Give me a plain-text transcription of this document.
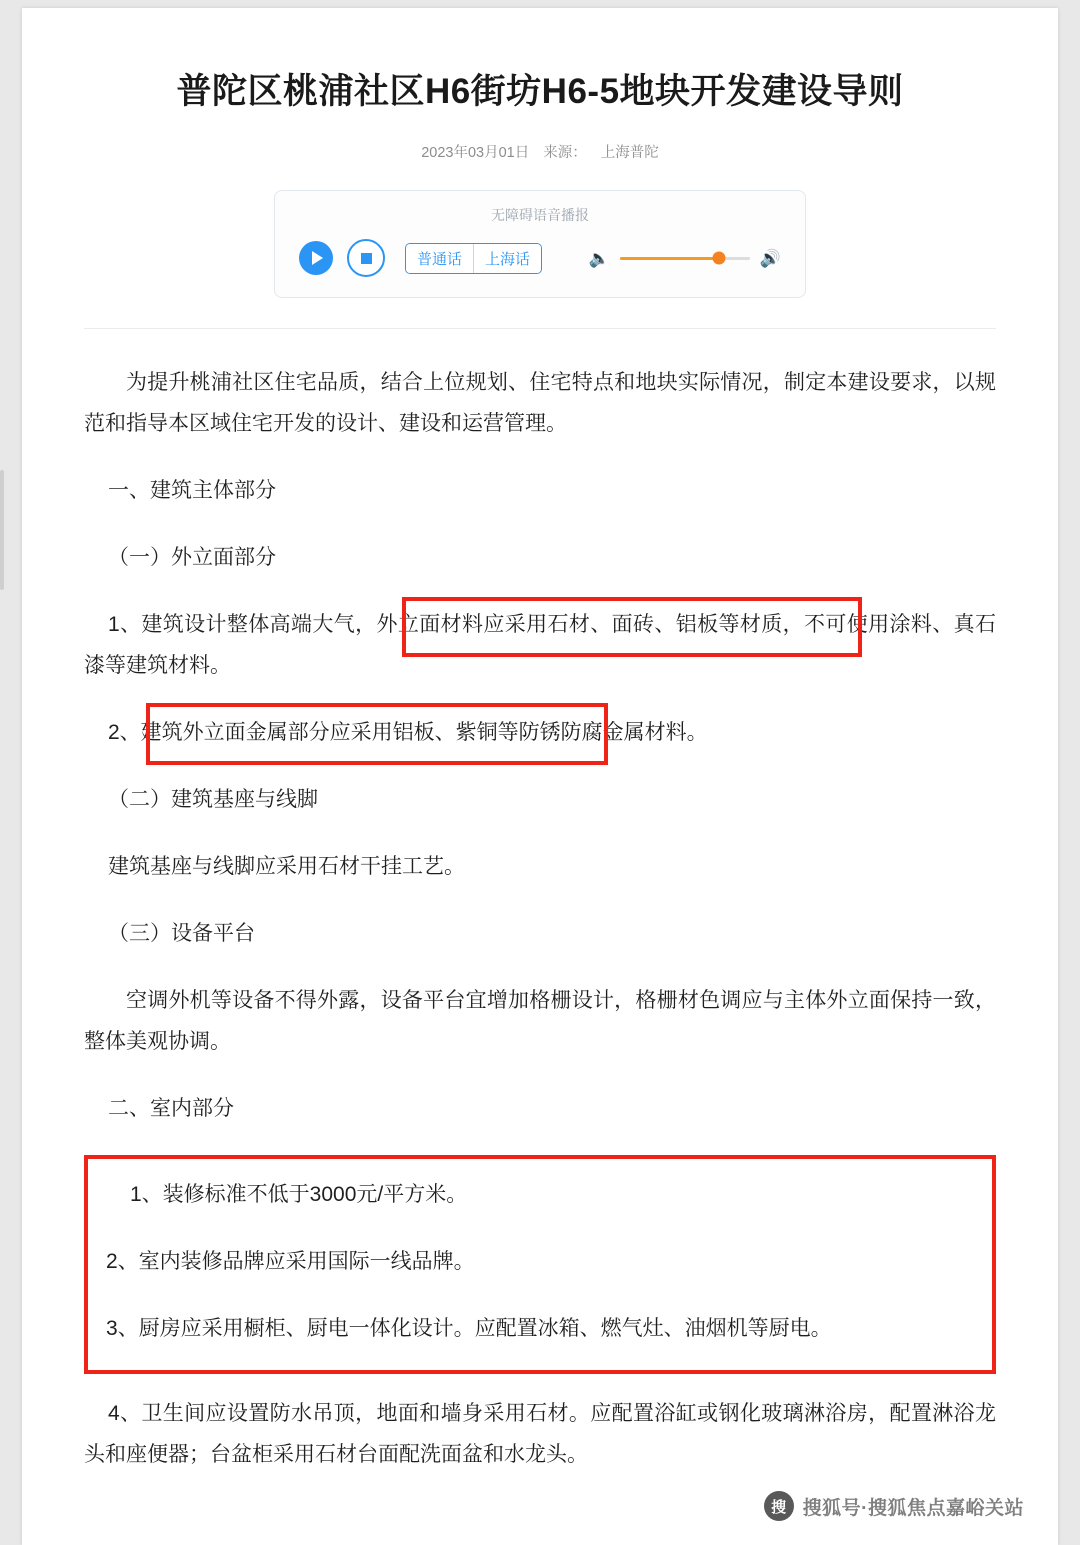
普陀区桃浦社区H6街坊H6-5地块开发建设导则
2023年03月01日 来源： 上海普陀
无障碍语音播报
普通话	上海话	🔈	🔊

为提升桃浦社区住宅品质，结合上位规划、住宅特点和地块实际情况，制定本建设要求，以规范和指导本区域住宅开发的设计、建设和运营管理。

一、建筑主体部分

（一）外立面部分

1、建筑设计整体高端大气，外立面材料应采用石材、面砖、铝板等材质，不可使用涂料、真石漆等建筑材料。

2、建筑外立面金属部分应采用铝板、紫铜等防锈防腐金属材料。

（二）建筑基座与线脚

建筑基座与线脚应采用石材干挂工艺。

（三）设备平台

空调外机等设备不得外露，设备平台宜增加格栅设计，格栅材色调应与主体外立面保持一致，整体美观协调。

二、室内部分

1、装修标准不低于3000元/平方米。

2、室内装修品牌应采用国际一线品牌。

3、厨房应采用橱柜、厨电一体化设计。应配置冰箱、燃气灶、油烟机等厨电。

4、卫生间应设置防水吊顶，地面和墙身采用石材。应配置浴缸或钢化玻璃淋浴房，配置淋浴龙头和座便器；台盆柜采用石材台面配洗面盆和水龙头。

搜 搜狐号·搜狐焦点嘉峪关站
